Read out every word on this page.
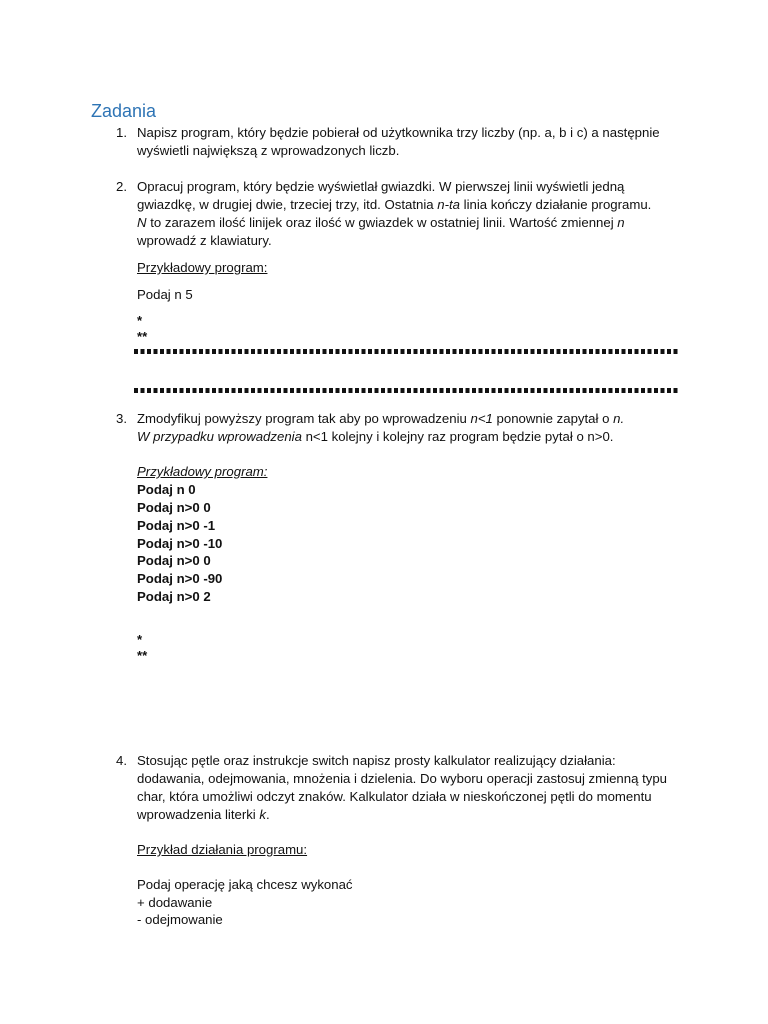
Zadania
1. Napisz program, który będzie pobierał od użytkownika trzy liczby (np. a, b i c) a następnie
wyświetli największą z wprowadzonych liczb.
2. Opracuj program, który będzie wyświetlał gwiazdki. W pierwszej linii wyświetli jedną
gwiazdkę, w drugiej dwie, trzeciej trzy, itd. Ostatnia n-ta linia kończy działanie programu.
N to zarazem ilość linijek oraz ilość w gwiazdek w ostatniej linii. Wartość zmiennej n
wprowadź z klawiatury.
Przykładowy program:
Podaj n 5
*
**
3. Zmodyfikuj powyższy program tak aby po wprowadzeniu n<1 ponownie zapytał o n.
W przypadku wprowadzenia n<1 kolejny i kolejny raz program będzie pytał o n>0.
Przykładowy program:
Podaj n 0
Podaj n>0 0
Podaj n>0 -1
Podaj n>0 -10
Podaj n>0 0
Podaj n>0 -90
Podaj n>0 2
*
**
4. Stosując pętle oraz instrukcje switch napisz prosty kalkulator realizujący działania:
dodawania, odejmowania, mnożenia i dzielenia. Do wyboru operacji zastosuj zmienną typu
char, która umożliwi odczyt znaków. Kalkulator działa w nieskończonej pętli do momentu
wprowadzenia literki k.
Przykład działania programu:
Podaj operację jaką chcesz wykonać
+ dodawanie
- odejmowanie
